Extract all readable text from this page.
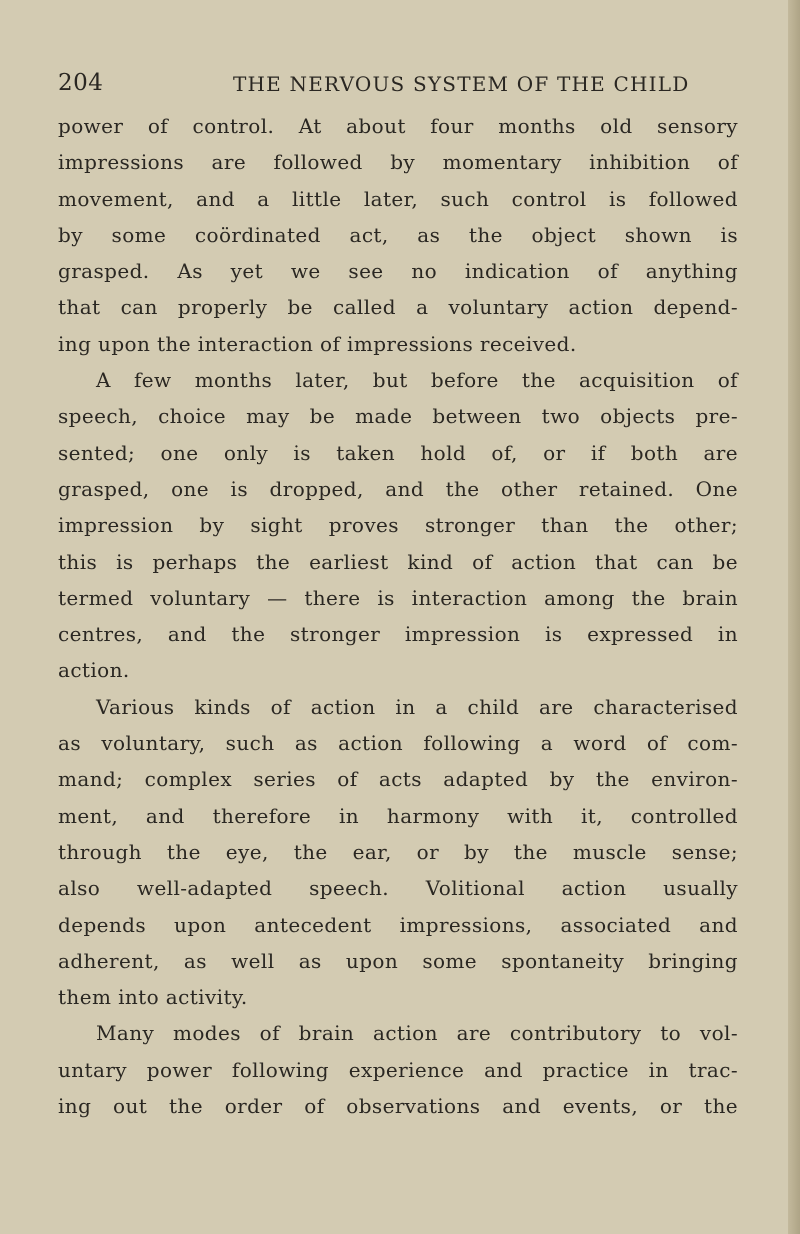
204	THE NERVOUS SYSTEM OF THE CHILD

power of control. At about four months old sensory
impressions are followed by momentary inhibition of
movement, and a little later, such control is followed
by some coördinated act, as the object shown is
grasped. As yet we see no indication of anything
that can properly be called a voluntary action depend-
ing upon the interaction of impressions received.

A few months later, but before the acquisition of
speech, choice may be made between two objects pre-
sented; one only is taken hold of, or if both are
grasped, one is dropped, and the other retained. One
impression by sight proves stronger than the other;
this is perhaps the earliest kind of action that can be
termed voluntary — there is interaction among the brain
centres, and the stronger impression is expressed in
action.

Various kinds of action in a child are characterised
as voluntary, such as action following a word of com-
mand; complex series of acts adapted by the environ-
ment, and therefore in harmony with it, controlled
through the eye, the ear, or by the muscle sense;
also well-adapted speech. Volitional action usually
depends upon antecedent impressions, associated and
adherent, as well as upon some spontaneity bringing
them into activity.

Many modes of brain action are contributory to vol-
untary power following experience and practice in trac-
ing out the order of observations and events, or the
